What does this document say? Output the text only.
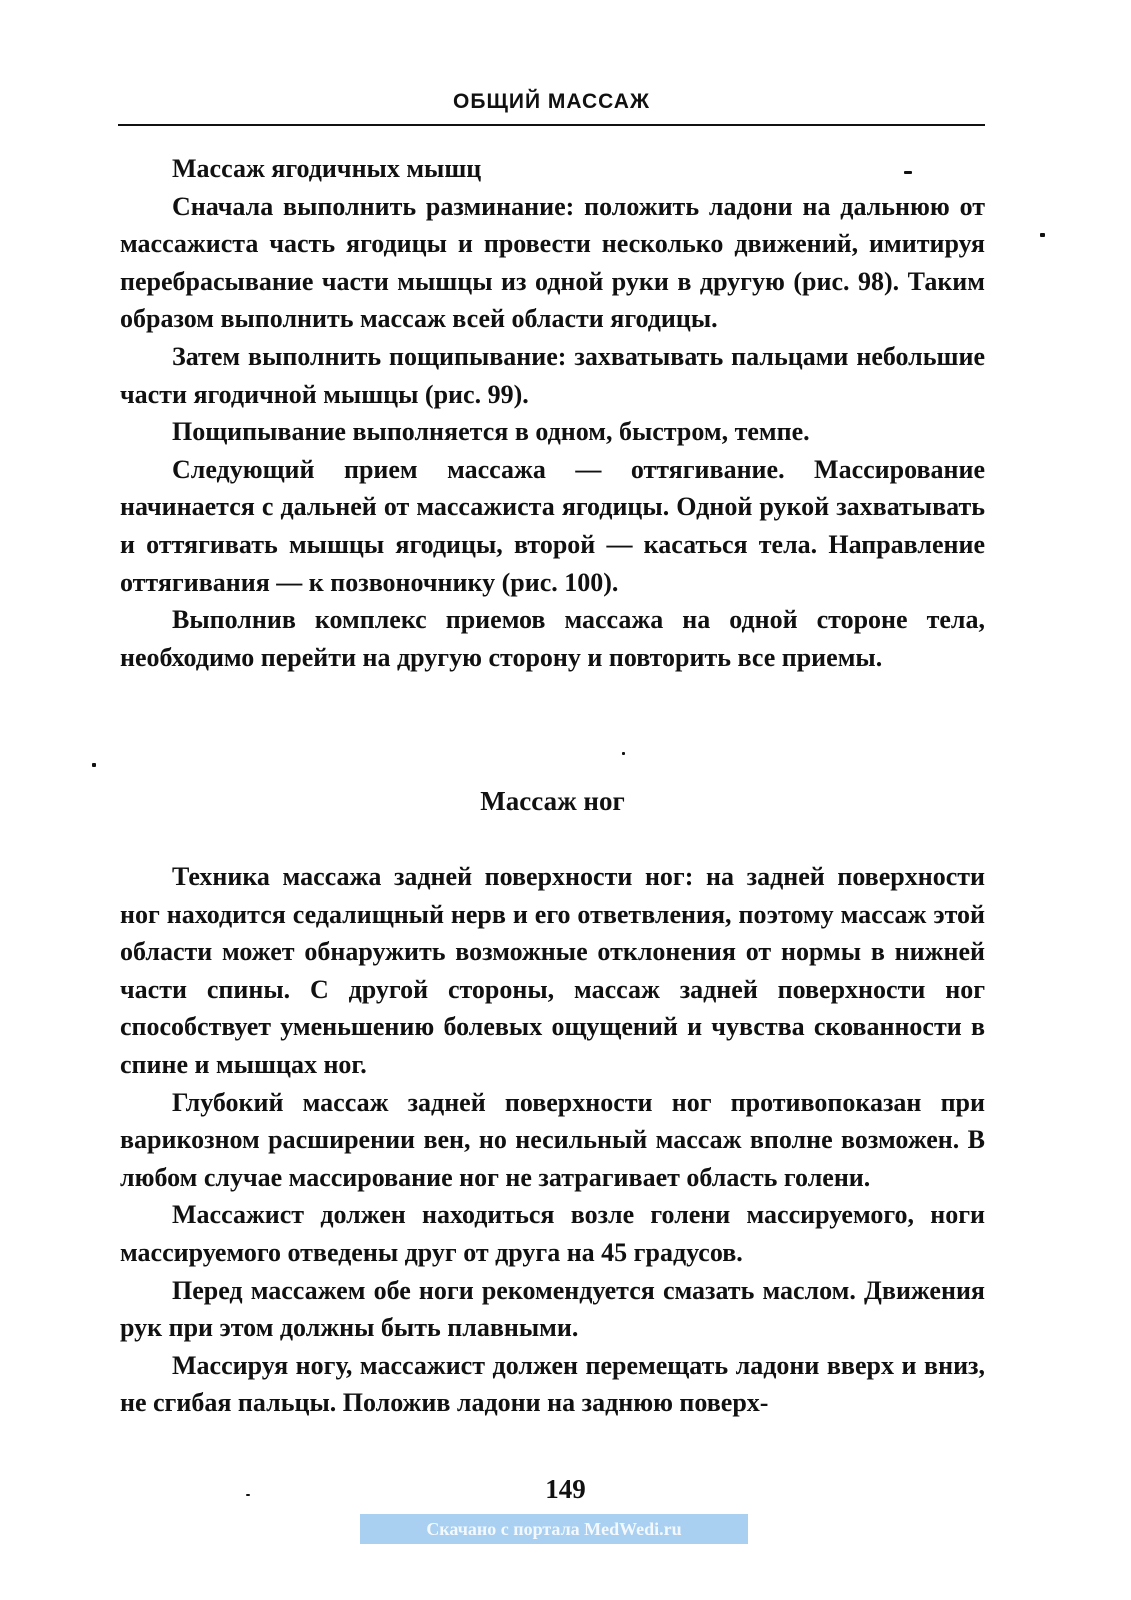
ОБЩИЙ МАССАЖ

Массаж ягодичных мышц

Сначала выполнить разминание: положить ладони на дальнюю от массажиста часть ягодицы и провести несколько движений, имитируя перебрасывание части мышцы из одной руки в другую (рис. 98). Таким образом выполнить массаж всей области ягодицы.

Затем выполнить пощипывание: захватывать пальцами небольшие части ягодичной мышцы (рис. 99).

Пощипывание выполняется в одном, быстром, темпе.

Следующий прием массажа — оттягивание. Массирование начинается с дальней от массажиста ягодицы. Одной рукой захватывать и оттягивать мышцы ягодицы, второй — касаться тела. Направление оттягивания — к позвоночнику (рис. 100).

Выполнив комплекс приемов массажа на одной стороне тела, необходимо перейти на другую сторону и повторить все приемы.

Массаж ног

Техника массажа задней поверхности ног: на задней поверхности ног находится седалищный нерв и его ответвления, поэтому массаж этой области может обнаружить возможные отклонения от нормы в нижней части спины. С другой стороны, массаж задней поверхности ног способствует уменьшению болевых ощущений и чувства скованности в спине и мышцах ног.

Глубокий массаж задней поверхности ног противопоказан при варикозном расширении вен, но несильный массаж вполне возможен. В любом случае массирование ног не затрагивает область голени.

Массажист должен находиться возле голени массируемого, ноги массируемого отведены друг от друга на 45 градусов.

Перед массажем обе ноги рекомендуется смазать маслом. Движения рук при этом должны быть плавными.

Массируя ногу, массажист должен перемещать ладони вверх и вниз, не сгибая пальцы. Положив ладони на заднюю поверх-

149
Скачано с портала MedWedi.ru
